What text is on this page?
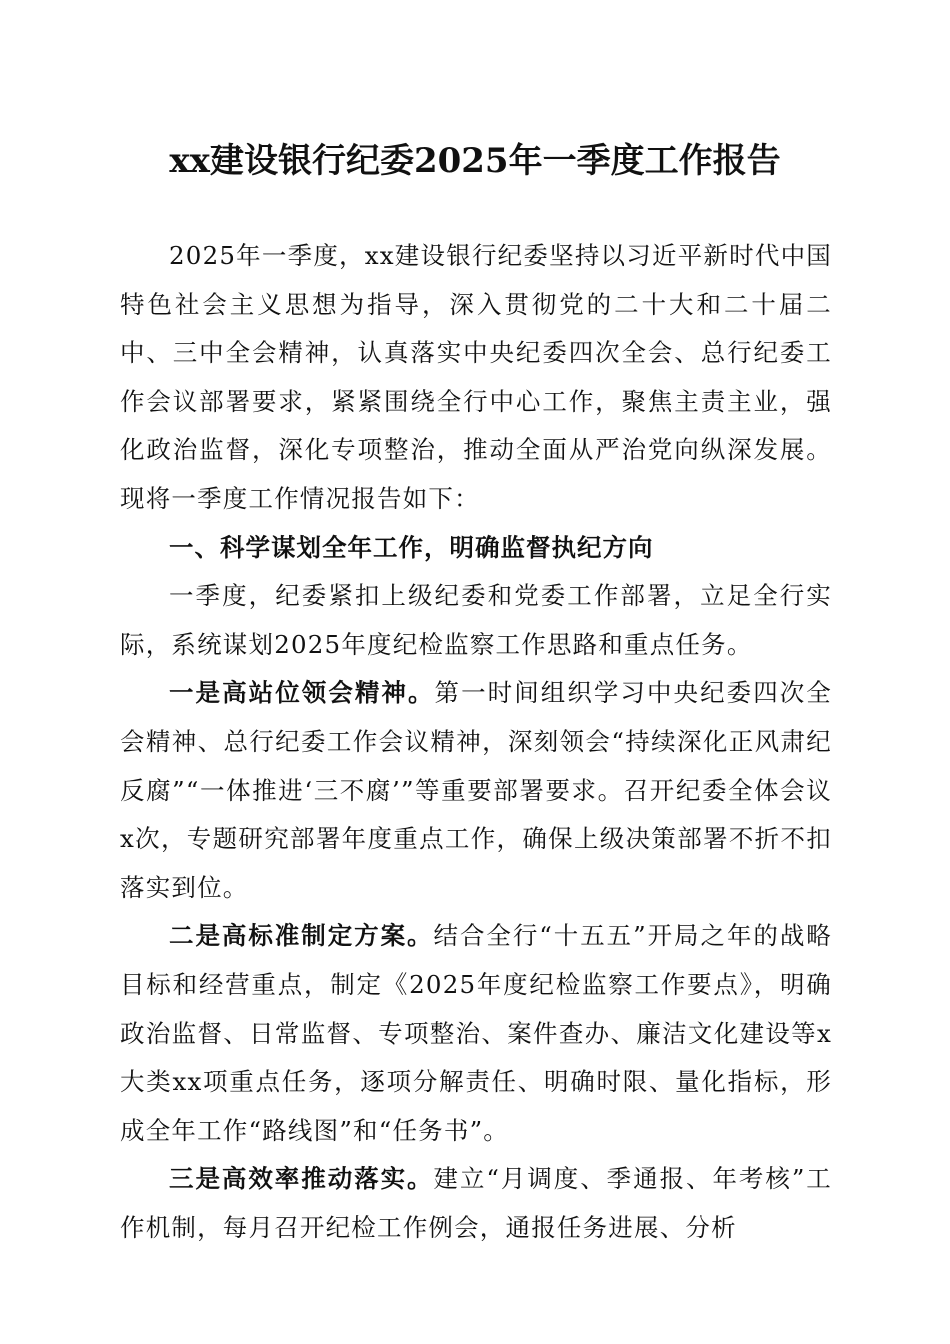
xx建设银行纪委2025年一季度工作报告

2025年一季度，xx建设银行纪委坚持以习近平新时代中国特色社会主义思想为指导，深入贯彻党的二十大和二十届二中、三中全会精神，认真落实中央纪委四次全会、总行纪委工作会议部署要求，紧紧围绕全行中心工作，聚焦主责主业，强化政治监督，深化专项整治，推动全面从严治党向纵深发展。现将一季度工作情况报告如下：

一、科学谋划全年工作，明确监督执纪方向

一季度，纪委紧扣上级纪委和党委工作部署，立足全行实际，系统谋划2025年度纪检监察工作思路和重点任务。

一是高站位领会精神。第一时间组织学习中央纪委四次全会精神、总行纪委工作会议精神，深刻领会“持续深化正风肃纪反腐”“一体推进‘三不腐’”等重要部署要求。召开纪委全体会议x次，专题研究部署年度重点工作，确保上级决策部署不折不扣落实到位。

二是高标准制定方案。结合全行“十五五”开局之年的战略目标和经营重点，制定《2025年度纪检监察工作要点》，明确政治监督、日常监督、专项整治、案件查办、廉洁文化建设等x大类xx项重点任务，逐项分解责任、明确时限、量化指标，形成全年工作“路线图”和“任务书”。

三是高效率推动落实。建立“月调度、季通报、年考核”工作机制，每月召开纪检工作例会，通报任务进展、分析
